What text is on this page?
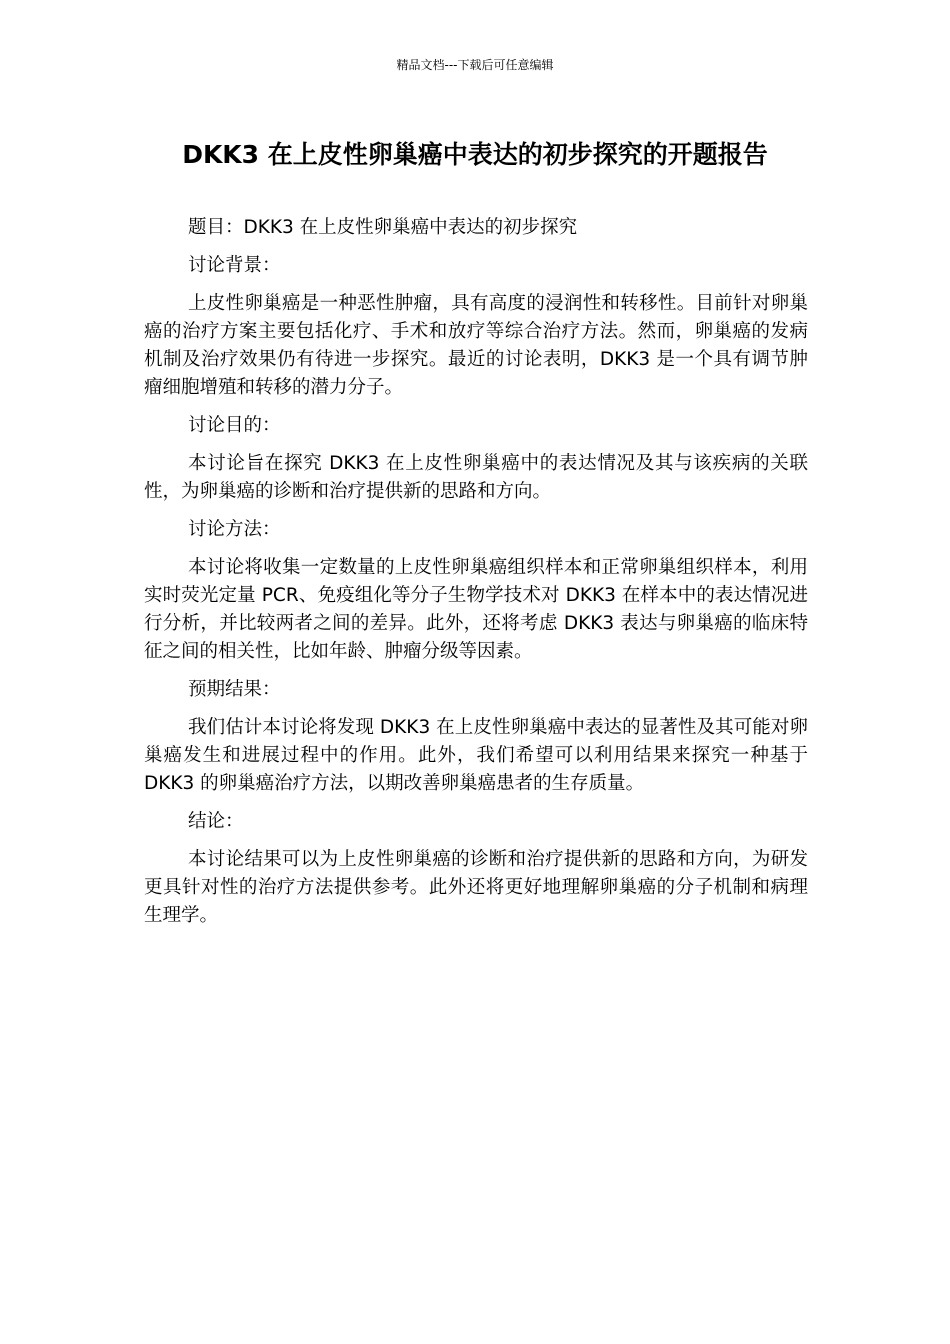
精品文档---下载后可任意编辑
DKK3 在上皮性卵巢癌中表达的初步探究的开题报告

题目：DKK3 在上皮性卵巢癌中表达的初步探究

讨论背景：

上皮性卵巢癌是一种恶性肿瘤，具有高度的浸润性和转移性。目前针对卵巢癌的治疗方案主要包括化疗、手术和放疗等综合治疗方法。然而，卵巢癌的发病机制及治疗效果仍有待进一步探究。最近的讨论表明，DKK3 是一个具有调节肿瘤细胞增殖和转移的潜力分子。

讨论目的：

本讨论旨在探究 DKK3 在上皮性卵巢癌中的表达情况及其与该疾病的关联性，为卵巢癌的诊断和治疗提供新的思路和方向。

讨论方法：

本讨论将收集一定数量的上皮性卵巢癌组织样本和正常卵巢组织样本，利用实时荧光定量 PCR、免疫组化等分子生物学技术对 DKK3 在样本中的表达情况进行分析，并比较两者之间的差异。此外，还将考虑 DKK3 表达与卵巢癌的临床特征之间的相关性，比如年龄、肿瘤分级等因素。

预期结果：

我们估计本讨论将发现 DKK3 在上皮性卵巢癌中表达的显著性及其可能对卵巢癌发生和进展过程中的作用。此外，我们希望可以利用结果来探究一种基于 DKK3 的卵巢癌治疗方法，以期改善卵巢癌患者的生存质量。

结论：

本讨论结果可以为上皮性卵巢癌的诊断和治疗提供新的思路和方向，为研发更具针对性的治疗方法提供参考。此外还将更好地理解卵巢癌的分子机制和病理生理学。
